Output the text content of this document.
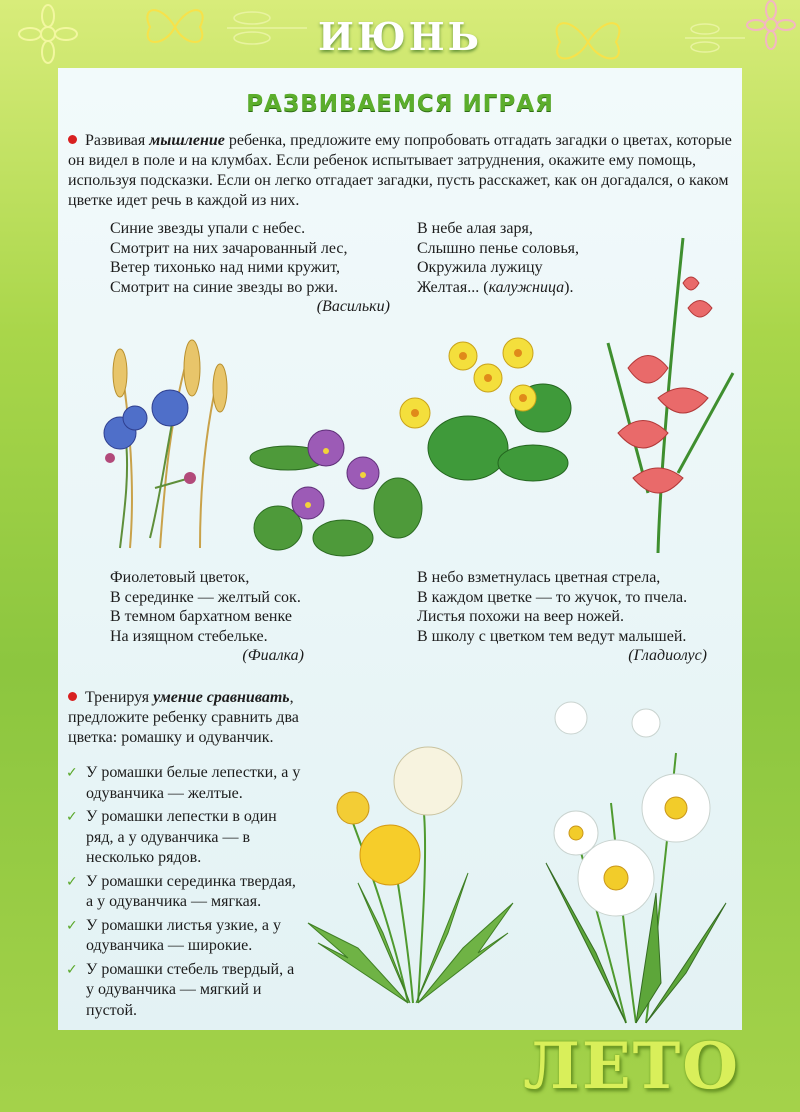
ИЮНЬ
РАЗВИВАЕМСЯ ИГРАЯ
Развивая мышление ребенка, предложите ему попробовать отгадать загадки о цветах, которые он видел в поле и на клумбах. Если ребенок испытывает затруднения, окажите ему помощь, используя подсказки. Если он легко отгадает загадки, пусть расскажет, как он догадался, о каком цветке идет речь в каждой из них.
Синие звезды упали с небес.
Смотрит на них зачарованный лес,
Ветер тихонько над ними кружит,
Смотрит на синие звезды во ржи.
(Васильки)
В небе алая заря,
Слышно пенье соловья,
Окружила лужицу
Желтая... (калужница).
Фиолетовый цветок,
В серединке — желтый сок.
В темном бархатном венке
На изящном стебельке.
(Фиалка)
В небо взметнулась цветная стрела,
В каждом цветке — то жучок, то пчела.
Листья похожи на веер ножей.
В школу с цветком тем ведут малышей.
(Гладиолус)
Тренируя умение сравнивать, предложите ребенку сравнить два цветка: ромашку и одуванчик.
✓ У ромашки белые лепестки, а у одуванчика — желтые.
✓ У ромашки лепестки в один ряд, а у одуванчика — в несколько рядов.
✓ У ромашки серединка твердая, а у одуванчика — мягкая.
✓ У ромашки листья узкие, а у одуванчика — широкие.
✓ У ромашки стебель твердый, а у одуванчика — мягкий и пустой.
ЛЕТО
